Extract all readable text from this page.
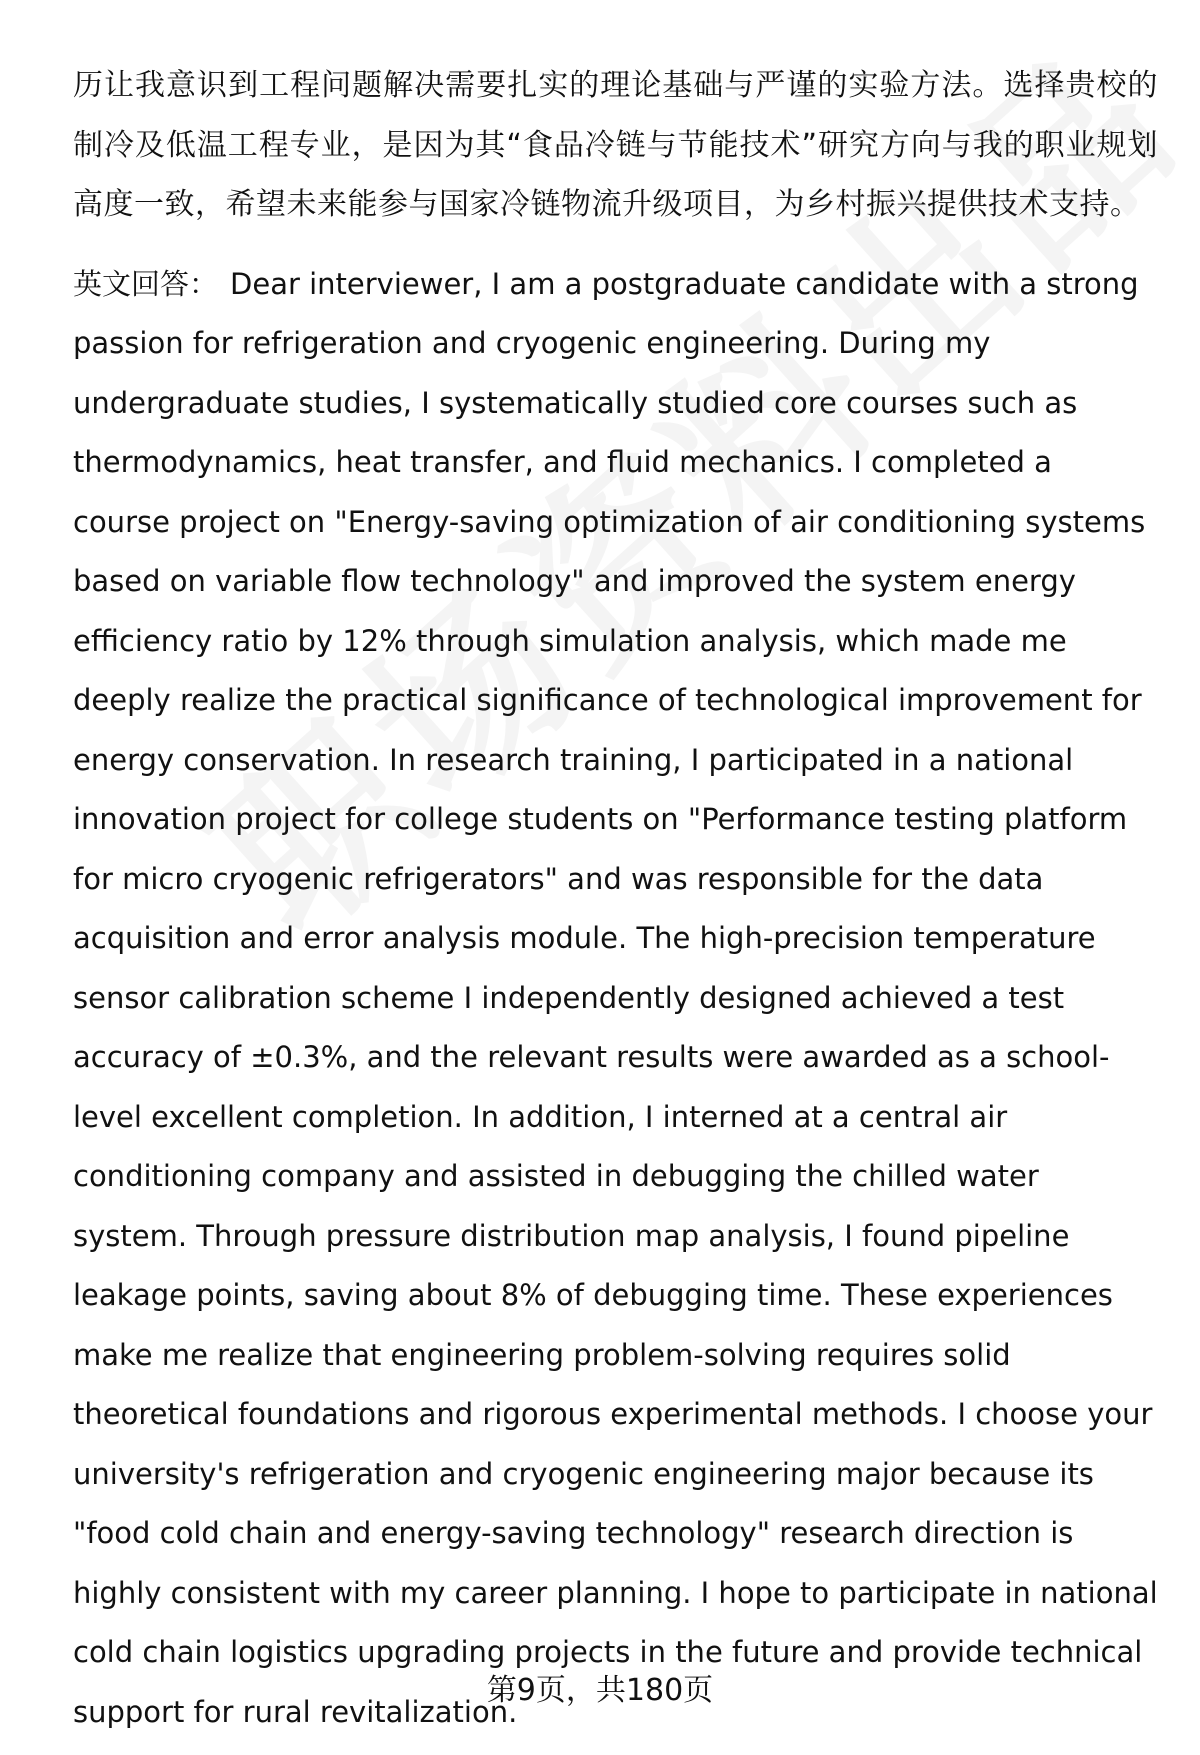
历让我意识到工程问题解决需要扎实的理论基础与严谨的实验方法。选择贵校的制冷及低温工程专业，是因为其“食品冷链与节能技术”研究方向与我的职业规划高度一致，希望未来能参与国家冷链物流升级项目，为乡村振兴提供技术支持。

英文回答： Dear interviewer, I am a postgraduate candidate with a strong passion for refrigeration and cryogenic engineering. During my undergraduate studies, I systematically studied core courses such as thermodynamics, heat transfer, and fluid mechanics. I completed a course project on "Energy-saving optimization of air conditioning systems based on variable flow technology" and improved the system energy efficiency ratio by 12% through simulation analysis, which made me deeply realize the practical significance of technological improvement for energy conservation. In research training, I participated in a national innovation project for college students on "Performance testing platform for micro cryogenic refrigerators" and was responsible for the data acquisition and error analysis module. The high-precision temperature sensor calibration scheme I independently designed achieved a test accuracy of ±0.3%, and the relevant results were awarded as a school-level excellent completion. In addition, I interned at a central air conditioning company and assisted in debugging the chilled water system. Through pressure distribution map analysis, I found pipeline leakage points, saving about 8% of debugging time. These experiences make me realize that engineering problem-solving requires solid theoretical foundations and rigorous experimental methods. I choose your university's refrigeration and cryogenic engineering major because its "food cold chain and energy-saving technology" research direction is highly consistent with my career planning. I hope to participate in national cold chain logistics upgrading projects in the future and provide technical support for rural revitalization.

第9页，共180页
